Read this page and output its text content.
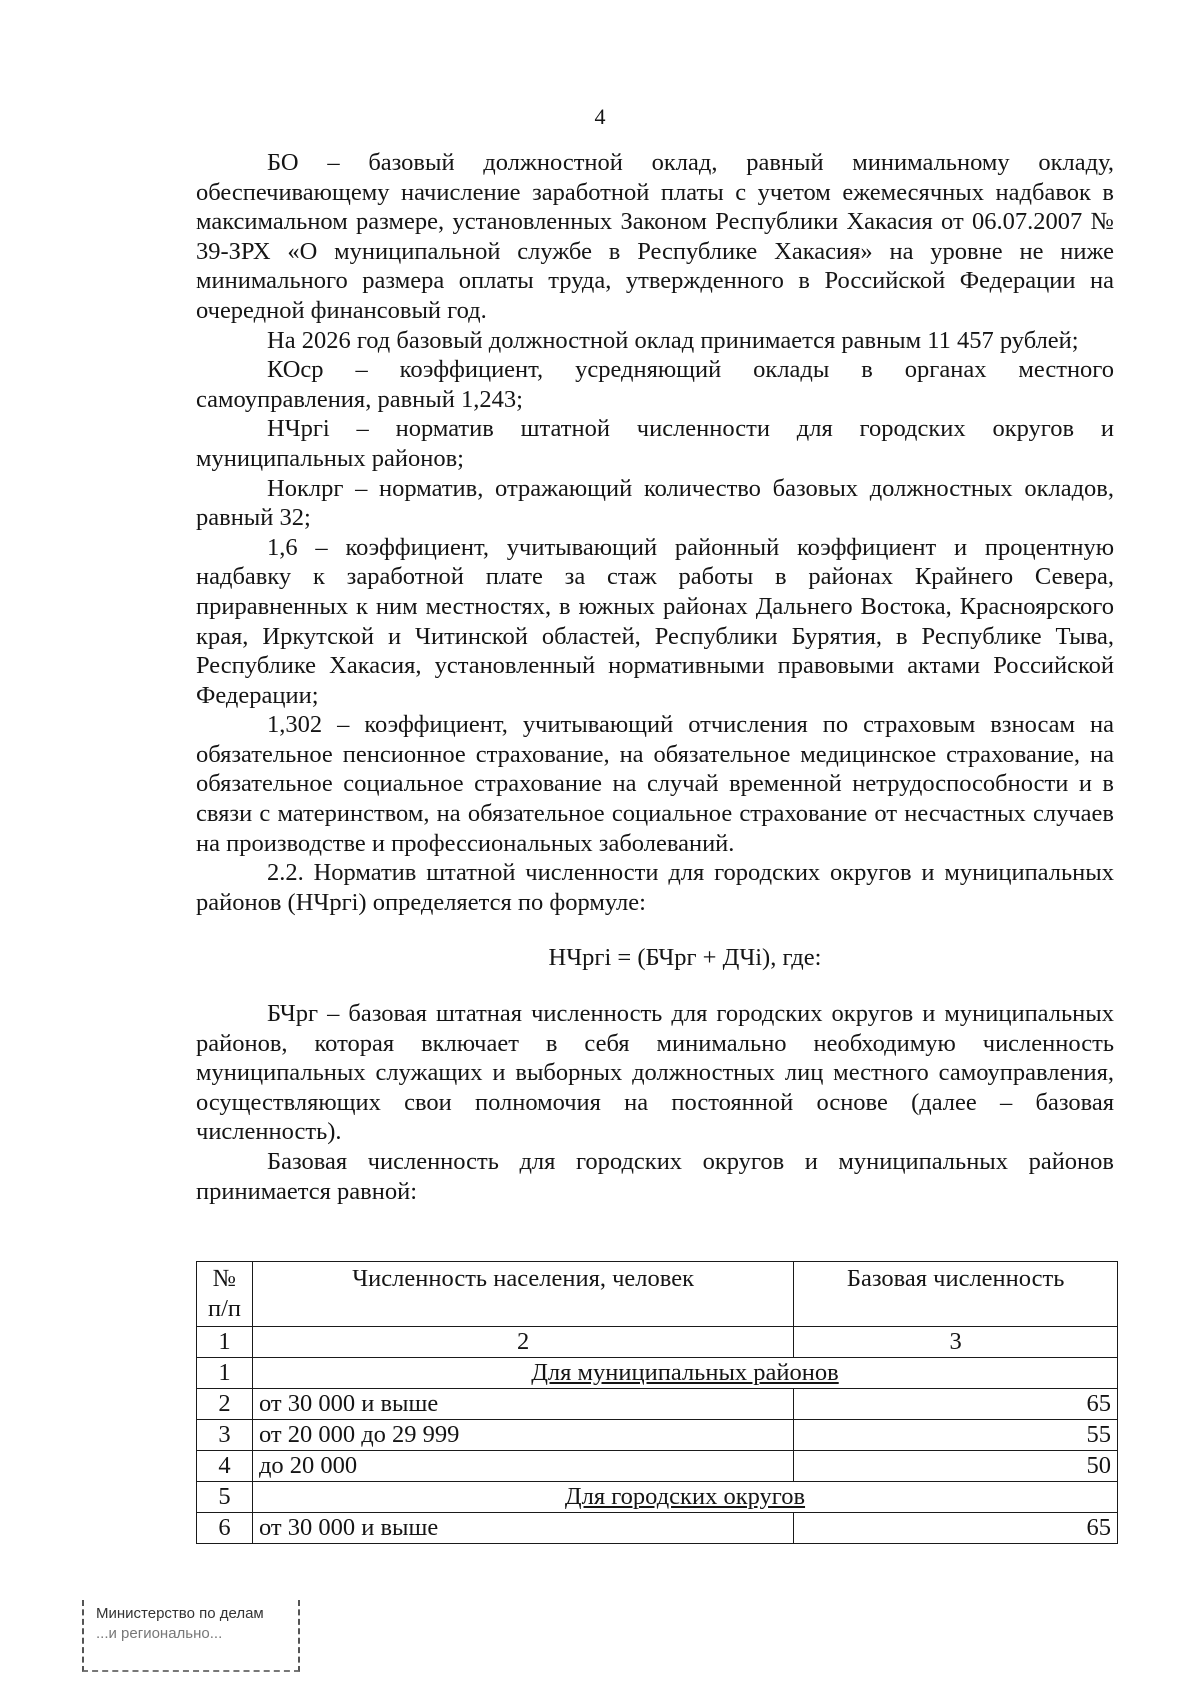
4

БО – базовый должностной оклад, равный минимальному окладу, обеспечивающему начисление заработной платы с учетом ежемесячных надбавок в максимальном размере, установленных Законом Республики Хакасия от 06.07.2007 № 39-ЗРХ «О муниципальной службе в Республике Хакасия» на уровне не ниже минимального размера оплаты труда, утвержденного в Российской Федерации на очередной финансовый год.

На 2026 год базовый должностной оклад принимается равным 11 457 рублей;

КОср – коэффициент, усредняющий оклады в органах местного самоуправления, равный 1,243;

НЧргi – норматив штатной численности для городских округов и муниципальных районов;

Ноклрг – норматив, отражающий количество базовых должностных окладов, равный 32;

1,6 – коэффициент, учитывающий районный коэффициент и процентную надбавку к заработной плате за стаж работы в районах Крайнего Севера, приравненных к ним местностях, в южных районах Дальнего Востока, Красноярского края, Иркутской и Читинской областей, Республики Бурятия, в Республике Тыва, Республике Хакасия, установленный нормативными правовыми актами Российской Федерации;

1,302 – коэффициент, учитывающий отчисления по страховым взносам на обязательное пенсионное страхование, на обязательное медицинское страхование, на обязательное социальное страхование на случай временной нетрудоспособности и в связи с материнством, на обязательное социальное страхование от несчастных случаев на производстве и профессиональных заболеваний.

2.2. Норматив штатной численности для городских округов и муниципальных районов (НЧргi) определяется по формуле:

НЧргi = (БЧрг + ДЧi), где:

БЧрг – базовая штатная численность для городских округов и муниципальных районов, которая включает в себя минимально необходимую численность муниципальных служащих и выборных должностных лиц местного самоуправления, осуществляющих свои полномочия на постоянной основе (далее – базовая численность).

Базовая численность для городских округов и муниципальных районов принимается равной:

№ п/п	Численность населения, человек	Базовая численность
1	2	3
1	Для муниципальных районов	
2	от 30 000 и выше	65
3	от 20 000 до 29 999	55
4	до 20 000	50
5	Для городских округов	
6	от 30 000 и выше	65
Министерство по делам
...и регионально...
